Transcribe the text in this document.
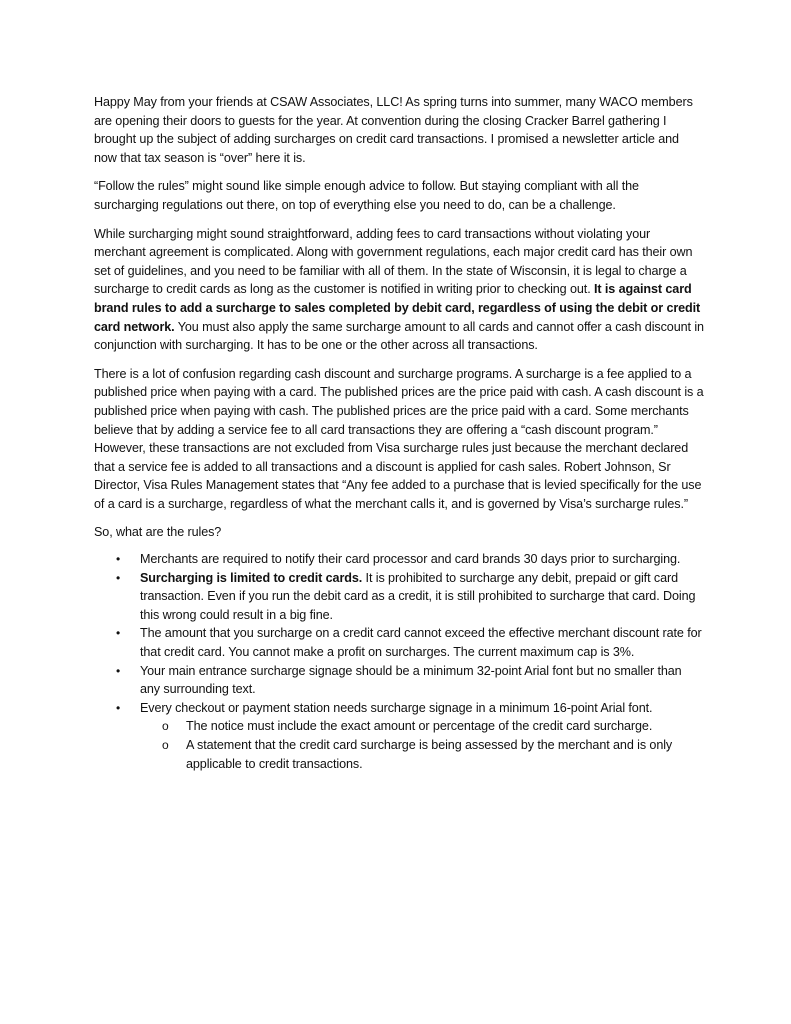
Happy May from your friends at CSAW Associates, LLC! As spring turns into summer, many WACO members are opening their doors to guests for the year. At convention during the closing Cracker Barrel gathering I brought up the subject of adding surcharges on credit card transactions. I promised a newsletter article and now that tax season is “over” here it is.

“Follow the rules” might sound like simple enough advice to follow. But staying compliant with all the surcharging regulations out there, on top of everything else you need to do, can be a challenge.

While surcharging might sound straightforward, adding fees to card transactions without violating your merchant agreement is complicated. Along with government regulations, each major credit card has their own set of guidelines, and you need to be familiar with all of them. In the state of Wisconsin, it is legal to charge a surcharge to credit cards as long as the customer is notified in writing prior to checking out. It is against card brand rules to add a surcharge to sales completed by debit card, regardless of using the debit or credit card network. You must also apply the same surcharge amount to all cards and cannot offer a cash discount in conjunction with surcharging. It has to be one or the other across all transactions.

There is a lot of confusion regarding cash discount and surcharge programs. A surcharge is a fee applied to a published price when paying with a card. The published prices are the price paid with cash. A cash discount is a published price when paying with cash. The published prices are the price paid with a card. Some merchants believe that by adding a service fee to all card transactions they are offering a “cash discount program.” However, these transactions are not excluded from Visa surcharge rules just because the merchant declared that a service fee is added to all transactions and a discount is applied for cash sales. Robert Johnson, Sr Director, Visa Rules Management states that “Any fee added to a purchase that is levied specifically for the use of a card is a surcharge, regardless of what the merchant calls it, and is governed by Visa’s surcharge rules.”

So, what are the rules?

• Merchants are required to notify their card processor and card brands 30 days prior to surcharging.
• Surcharging is limited to credit cards. It is prohibited to surcharge any debit, prepaid or gift card transaction. Even if you run the debit card as a credit, it is still prohibited to surcharge that card. Doing this wrong could result in a big fine.
• The amount that you surcharge on a credit card cannot exceed the effective merchant discount rate for that credit card. You cannot make a profit on surcharges. The current maximum cap is 3%.
• Your main entrance surcharge signage should be a minimum 32-point Arial font but no smaller than any surrounding text.
• Every checkout or payment station needs surcharge signage in a minimum 16-point Arial font.
o The notice must include the exact amount or percentage of the credit card surcharge.
o A statement that the credit card surcharge is being assessed by the merchant and is only applicable to credit transactions.
